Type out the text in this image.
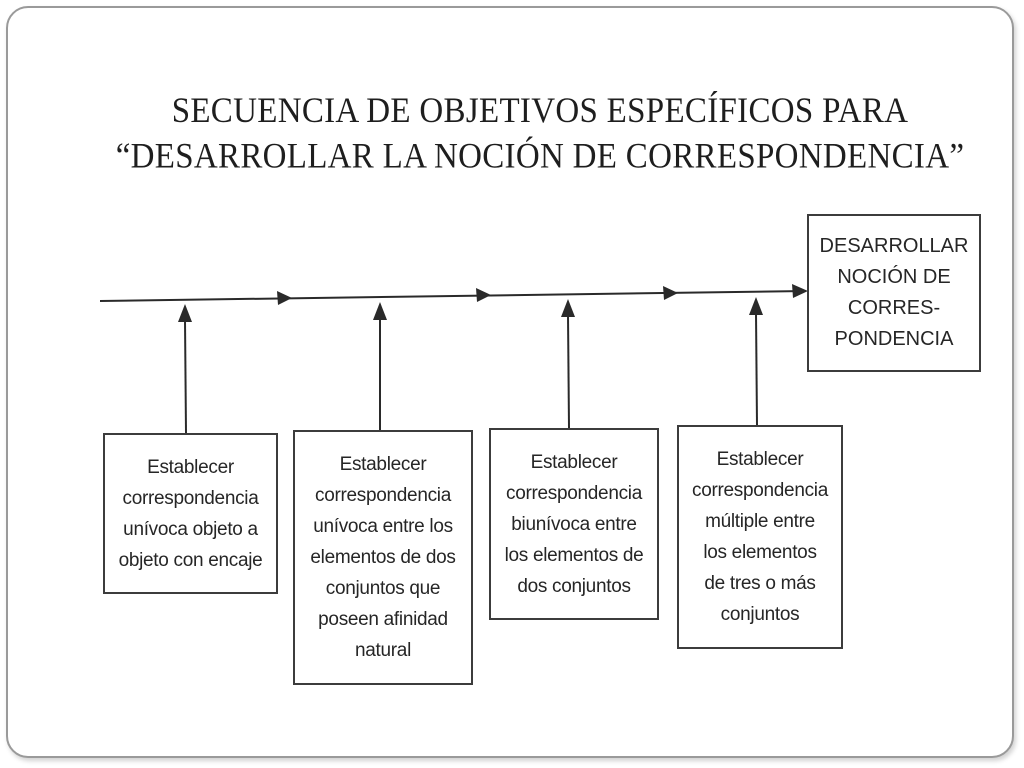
SECUENCIA DE OBJETIVOS ESPECÍFICOS PARA
“DESARROLLAR LA NOCIÓN DE CORRESPONDENCIA”
DESARROLLAR
NOCIÓN DE
CORRES-
PONDENCIA
Establecer
correspondencia
unívoca objeto a
objeto con encaje
Establecer
correspondencia
unívoca entre los
elementos de dos
conjuntos que
poseen afinidad
natural
Establecer
correspondencia
biunívoca entre
los elementos de
dos conjuntos
Establecer
correspondencia
múltiple entre
los elementos
de tres o más
conjuntos
